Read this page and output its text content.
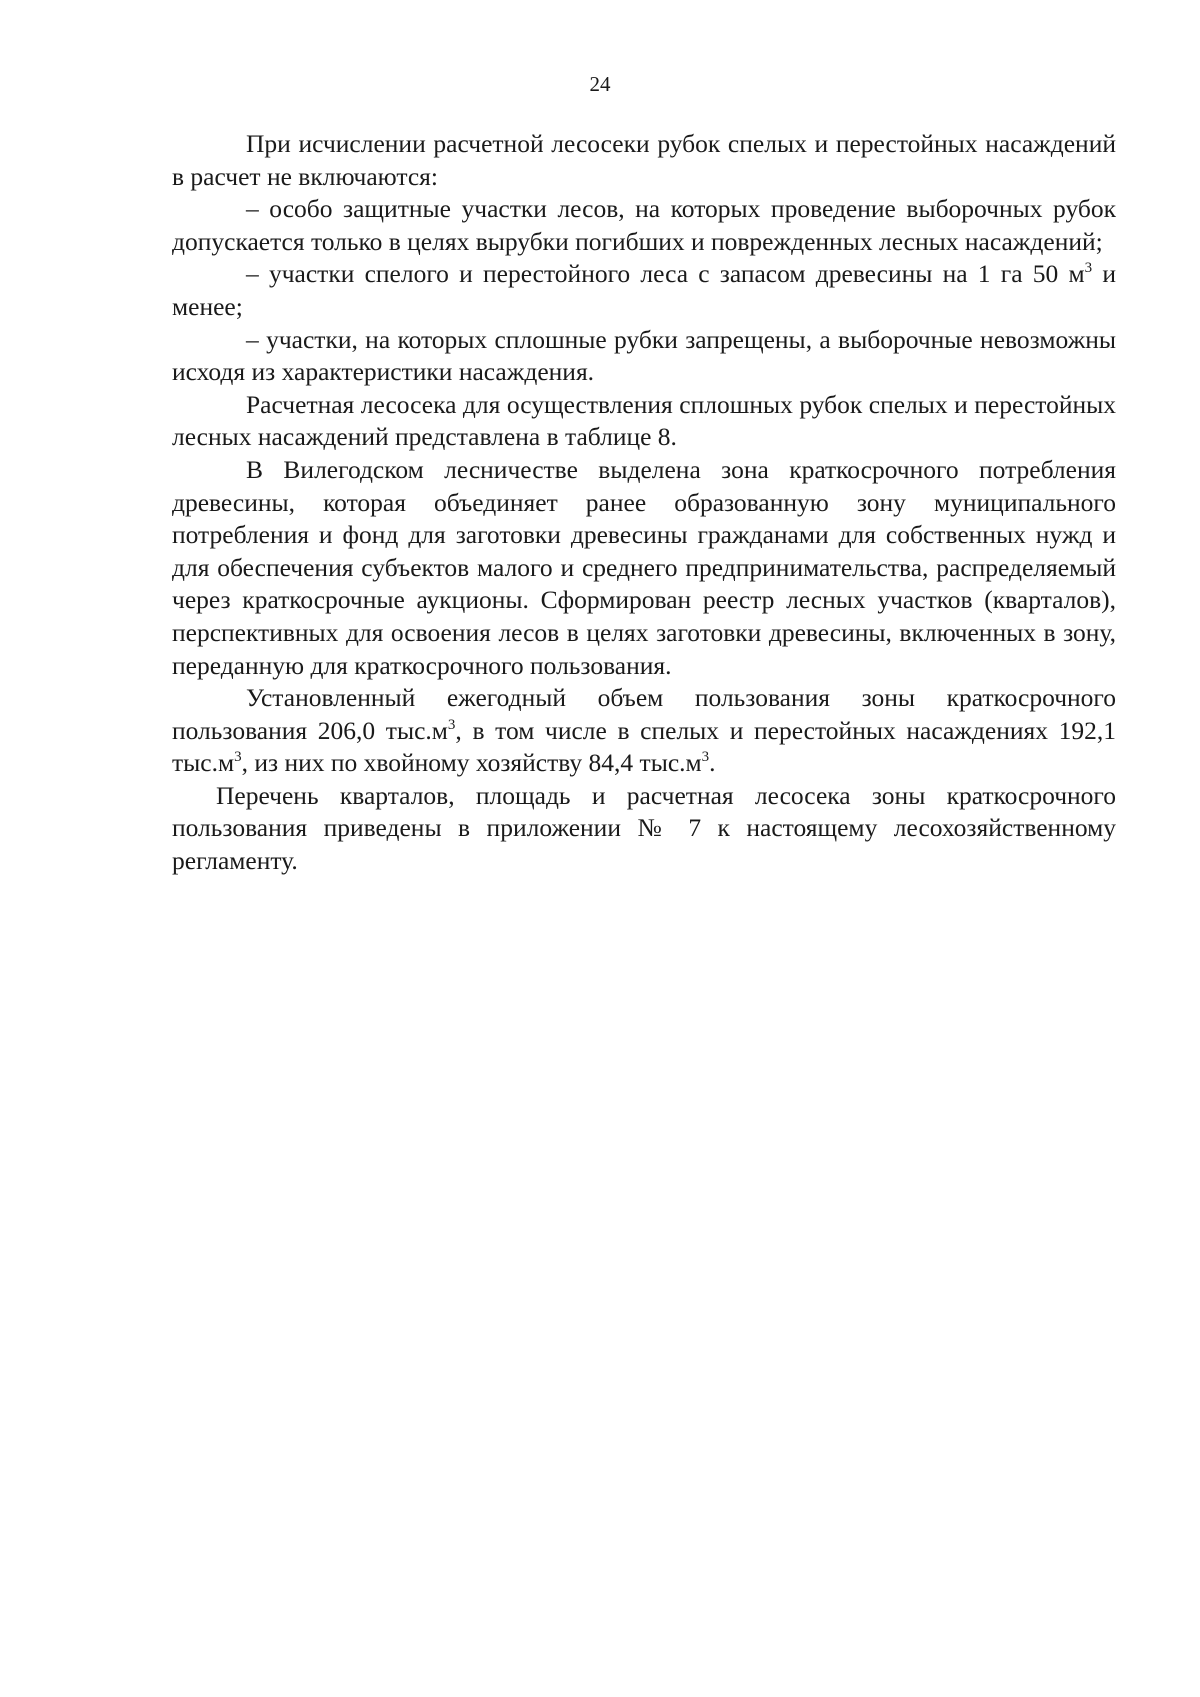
24

При исчислении расчетной лесосеки рубок спелых и перестойных насаждений в расчет не включаются:

– особо защитные участки лесов, на которых проведение выборочных рубок допускается только в целях вырубки погибших и поврежденных лесных насаждений;

– участки спелого и перестойного леса с запасом древесины на 1 га 50 $м^3$ и менее;

– участки, на которых сплошные рубки запрещены, а выборочные невозможны исходя из характеристики насаждения.

Расчетная лесосека для осуществления сплошных рубок спелых и перестойных лесных насаждений представлена в таблице 8.

В Вилегодском лесничестве выделена зона краткосрочного потребления древесины, которая объединяет ранее образованную зону муниципального потребления и фонд для заготовки древесины гражданами для собственных нужд и для обеспечения субъектов малого и среднего предпринимательства, распределяемый через краткосрочные аукционы. Сформирован реестр лесных участков (кварталов), перспективных для освоения лесов в целях заготовки древесины, включенных в зону, переданную для краткосрочного пользования.

Установленный ежегодный объем пользования зоны краткосрочного пользования 206,0 $тыс.м^3$, в том числе в спелых и перестойных насаждениях 192,1 $тыс.м^3$, из них по хвойному хозяйству 84,4 $тыс.м^3$.

Перечень кварталов, площадь и расчетная лесосека зоны краткосрочного пользования приведены в приложении № 7 к настоящему лесохозяйственному регламенту.
